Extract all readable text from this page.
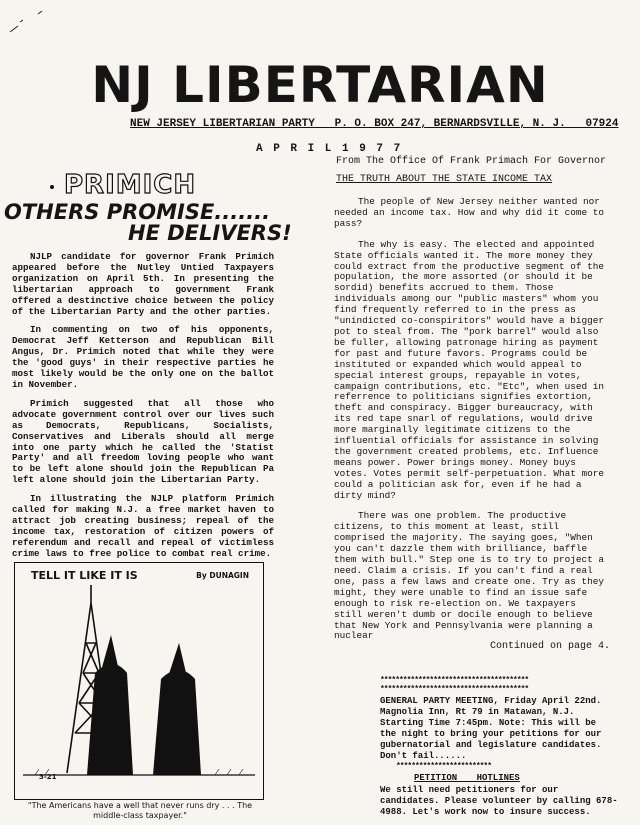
NJ LIBERTARIAN
NEW JERSEY LIBERTARIAN PARTY   P. O. BOX 247, BERNARDSVILLE, N. J.   07924
A P R I L 1 9 7 7
PRIMICH
OTHERS PROMISE.......
HE DELIVERS!

NJLP candidate for governor Frank Primich appeared before the Nutley Untied Taxpayers organization on April 5th. In presenting the libertarian approach to government Frank offered a destinctive choice between the policy of the Libertarian Party and the other parties.

In commenting on two of his opponents, Democrat Jeff Ketterson and Republican Bill Angus, Dr. Primich noted that while they were the 'good guys' in their respective parties he most likely would be the only one on the ballot in November.

Primich suggested that all those who advocate government control over our lives such as Democrats, Republicans, Socialists, Conservatives and Liberals should all merge into one party which he called the 'Statist Party' and all freedom loving people who want to be left alone should join the Republican Pa left alone should join the Libertarian Party.

In illustrating the NJLP platform Primich called for making N.J. a free market haven to attract job creating business; repeal of the income tax, restoration of citizen powers of referendum and recall and repeal of victimless crime laws to free police to combat real crime.

TELL IT LIKE IT IS	By DUNAGIN
3-21
"The Americans have a well that never runs dry . . . The middle-class taxpayer."
From The Office Of Frank Primach For Governor
THE TRUTH ABOUT THE STATE INCOME TAX

The people of New Jersey neither wanted nor needed an income tax. How and why did it come to pass?

The why is easy. The elected and appointed State officials wanted it. The more money they could extract from the productive segment of the population, the more assorted (or should it be sordid) benefits accrued to them. Those individuals among our "public masters" whom you find frequently referred to in the press as "unindicted co-conspiritors" would have a bigger pot to steal from. The "pork barrel" would also be fuller, allowing patronage hiring as payment for past and future favors. Programs could be instituted or expanded which would appeal to special interest groups, repayable in votes, campaign contributions, etc. "Etc", when used in referrence to politicians signifies extortion, theft and conspiracy. Bigger bureaucracy, with its red tape snarl of regulations, would drive more marginally legitimate citizens to the influential officials for assistance in solving the government created problems, etc. Influence means power. Power brings money. Money buys votes. Votes permit self-perpetuation. What more could a politician ask for, even if he had a dirty mind?

There was one problem. The productive citizens, to this moment at least, still comprised the majority. The saying goes, "When you can't dazzle them with brilliance, baffle them with bull." Step one is to try to project a need. Claim a crisis. If you can't find a real one, pass a few laws and create one. Try as they might, they were unable to find an issue safe enough to risk re-election on. We taxpayers still weren't dumb or docile enough to believe that New York and Pennsylvania were planning a nuclear

Continued on page 4.
***************************************
***************************************
GENERAL PARTY MEETING, Friday April 22nd. Magnolia Inn, Rt 79 in Matawan, N.J. Starting Time 7:45pm. Note: This will be the night to bring your petitions for our gubernatorial and legislature candidates. Don't fail......
*************************
PETITION HOTLINES
We still need petitioners for our candidates. Please volunteer by calling 678-4988. Let's work now to insure success.
